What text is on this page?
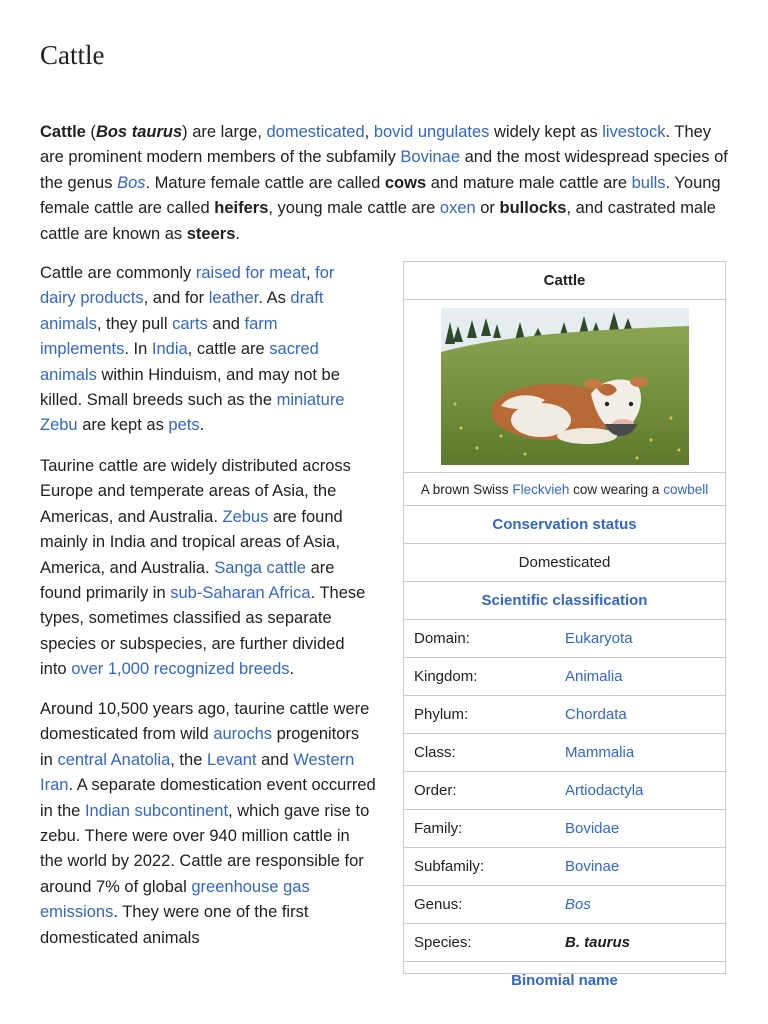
Cattle

Cattle (Bos taurus) are large, domesticated, bovid ungulates widely kept as livestock. They are prominent modern members of the subfamily Bovinae and the most widespread species of the genus Bos. Mature female cattle are called cows and mature male cattle are bulls. Young female cattle are called heifers, young male cattle are oxen or bullocks, and castrated male cattle are known as steers.

Cattle are commonly raised for meat, for dairy products, and for leather. As draft animals, they pull carts and farm implements. In India, cattle are sacred animals within Hinduism, and may not be killed. Small breeds such as the miniature Zebu are kept as pets.

Taurine cattle are widely distributed across Europe and temperate areas of Asia, the Americas, and Australia. Zebus are found mainly in India and tropical areas of Asia, America, and Australia. Sanga cattle are found primarily in sub-Saharan Africa. These types, sometimes classified as separate species or subspecies, are further divided into over 1,000 recognized breeds.

Around 10,500 years ago, taurine cattle were domesticated from wild aurochs progenitors in central Anatolia, the Levant and Western Iran. A separate domestication event occurred in the Indian subcontinent, which gave rise to zebu. There were over 940 million cattle in the world by 2022. Cattle are responsible for around 7% of global greenhouse gas emissions. They were one of the first domesticated animals

Cattle
A brown Swiss
Fleckvieh
cow wearing a
cowbell
Conservation status
Domesticated
Scientific classification
Domain:	Eukaryota
Kingdom:	Animalia
Phylum:	Chordata
Class:	Mammalia
Order:	Artiodactyla
Family:	Bovidae
Subfamily:	Bovinae
Genus:	Bos
Species:	B. taurus
Binomial name
